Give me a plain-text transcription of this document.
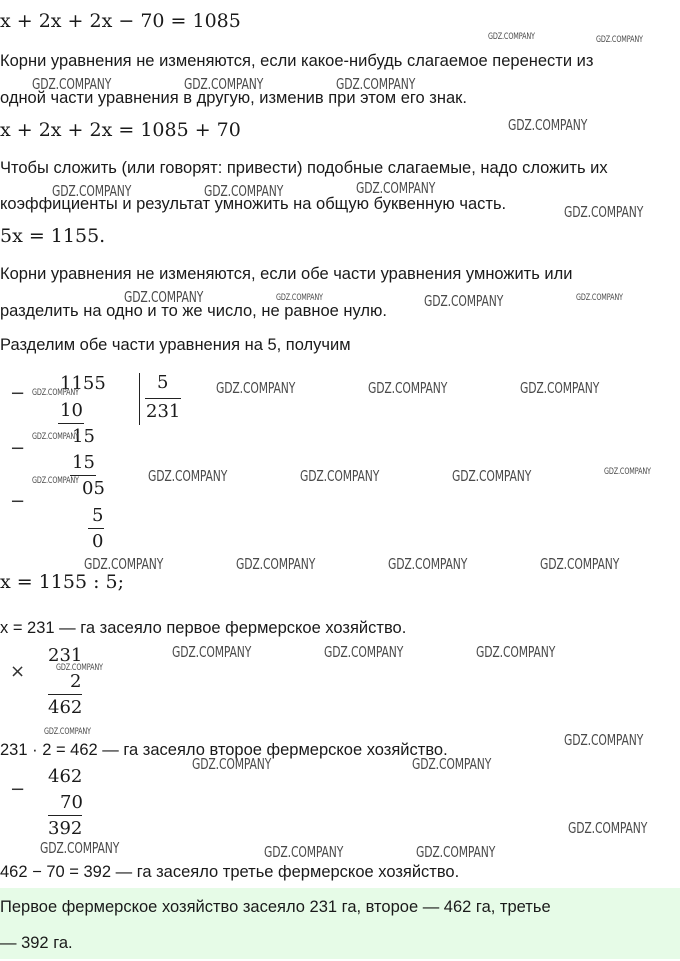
x + 2x + 2x − 70 = 1085
Корни уравнения не изменяются, если какое-нибудь слагаемое перенести из
одной части уравнения в другую, изменив при этом его знак.
x + 2x + 2x = 1085 + 70
Чтобы сложить (или говорят: привести) подобные слагаемые, надо сложить их
коэффициенты и результат умножить на общую буквенную часть.
5x = 1155.
Корни уравнения не изменяются, если обе части уравнения умножить или
разделить на одно и то же число, не равное нулю.
Разделим обе части уравнения на 5, получим
− 1155
10
5
231
−
15
15
−
05
5
0
x = 1155 : 5;
x = 231 — га засеяло первое фермерское хозяйство.
×
231
2
462
231 · 2 = 462 — га засеяло второе фермерское хозяйство.
−
462
70
392
462 − 70 = 392 — га засеяло третье фермерское хозяйство.
Первое фермерское хозяйство засеяло 231 га, второе — 462 га, третье
— 392 га.
GDZ.COMPANY	GDZ.COMPANY
GDZ.COMPANY	GDZ.COMPANY	GDZ.COMPANY
GDZ.COMPANY
GDZ.COMPANY	GDZ.COMPANY	GDZ.COMPANY
GDZ.COMPANY
GDZ.COMPANY	GDZ.COMPANY	GDZ.COMPANY	GDZ.COMPANY
GDZ.COMPANY	GDZ.COMPANY	GDZ.COMPANY	GDZ.COMPANY
GDZ.COMPANY
GDZ.COMPANY	GDZ.COMPANY	GDZ.COMPANY	GDZ.COMPANY
GDZ.COMPANY
GDZ.COMPANY	GDZ.COMPANY	GDZ.COMPANY	GDZ.COMPANY
GDZ.COMPANY	GDZ.COMPANY	GDZ.COMPANY
GDZ.COMPANY
GDZ.COMPANY	GDZ.COMPANY
GDZ.COMPANY	GDZ.COMPANY
GDZ.COMPANY
GDZ.COMPANY	GDZ.COMPANY	GDZ.COMPANY
